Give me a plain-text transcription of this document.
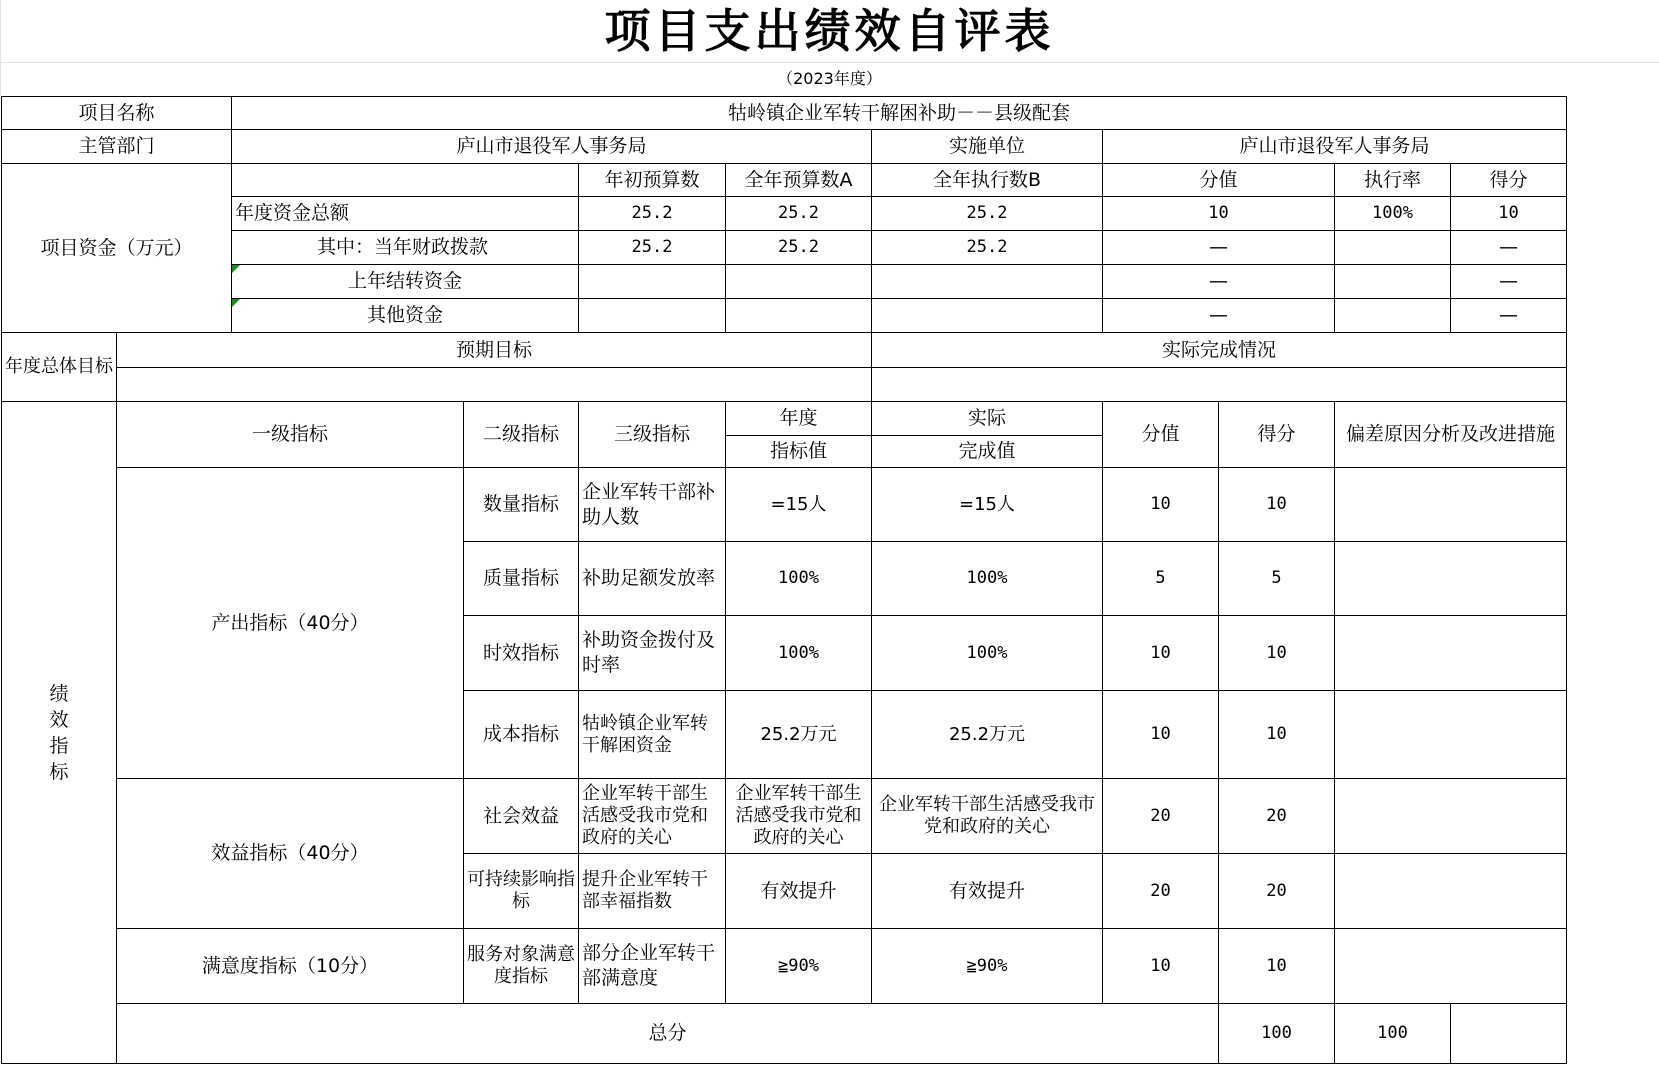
项目支出绩效自评表
（2023年度）
项目名称		牯岭镇企业军转干解困补助－－县级配套								
主管部门		庐山市退役军人事务局				实施单位	庐山市退役军人事务局			
项目资金（万元）				年初预算数	全年预算数A	全年执行数B	分值		执行率	得分
		年度资金总额		25.2	25.2	25.2	10		100%	10
		其中：当年财政拨款		25.2	25.2	25.2	—			—
		上年结转资金					—			—
		其他资金					—			—
年度总体目标	预期目标					实际完成情况				

绩效指标	一级指标		二级指标	三级指标	年度	实际	分值	得分	偏差原因分析及改进措施	
					指标值	完成值				
	产出指标（40分）		数量指标	企业军转干部补助人数	=15人	=15人	10	10		
			质量指标	补助足额发放率	100%	100%	5	5		
			时效指标	补助资金拨付及时率	100%	100%	10	10		
			成本指标	牯岭镇企业军转干解困资金	25.2万元	25.2万元	10	10		
	效益指标（40分）		社会效益	企业军转干部生活感受我市党和政府的关心	企业军转干部生活感受我市党和政府的关心	企业军转干部生活感受我市党和政府的关心	20	20		
			可持续影响指标	提升企业军转干部幸福指数	有效提升	有效提升	20	20		
	满意度指标（10分）		服务对象满意度指标	部分企业军转干部满意度	≧90%	≧90%	10	10		
	总分							100	100	
